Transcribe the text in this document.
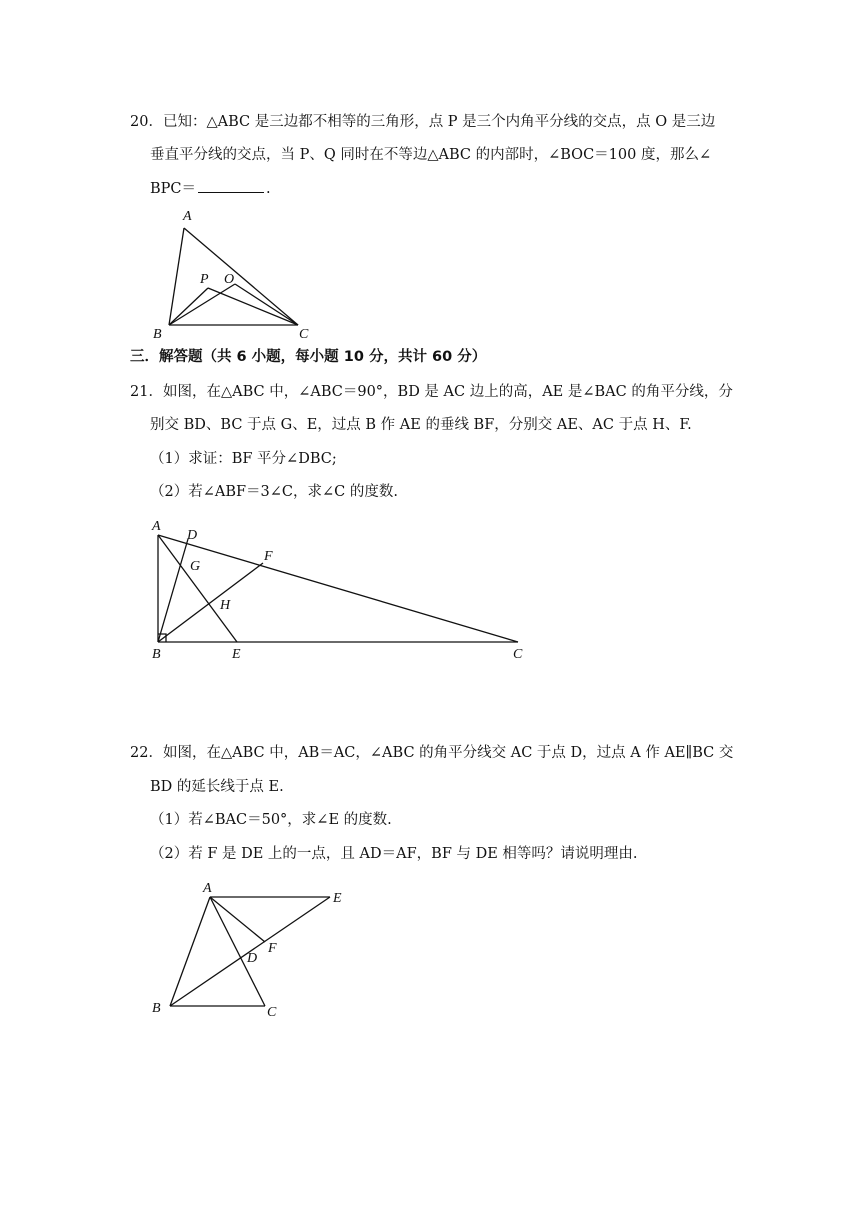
20．已知：△ABC 是三边都不相等的三角形，点 P 是三个内角平分线的交点，点 O 是三边
垂直平分线的交点，当 P、Q 同时在不等边△ABC 的内部时，∠BOC＝100 度，那么∠
BPC＝	.
A
B	C
P O
三．解答题（共 6 小题，每小题 10 分，共计 60 分）
21．如图，在△ABC 中，∠ABC＝90°，BD 是 AC 边上的高，AE 是∠BAC 的角平分线，分
别交 BD、BC 于点 G、E，过点 B 作 AE 的垂线 BF，分别交 AE、AC 于点 H、F.
（1）求证：BF 平分∠DBC;
（2）若∠ABF＝3∠C，求∠C 的度数.
A
D
G
F
H
B	E	C
22．如图，在△ABC 中，AB＝AC，∠ABC 的角平分线交 AC 于点 D，过点 A 作 AE∥BC 交
BD 的延长线于点 E.
（1）若∠BAC＝50°，求∠E 的度数.
（2）若 F 是 DE 上的一点，且 AD＝AF，BF 与 DE 相等吗？请说明理由.
A
E
F
D
B	C
